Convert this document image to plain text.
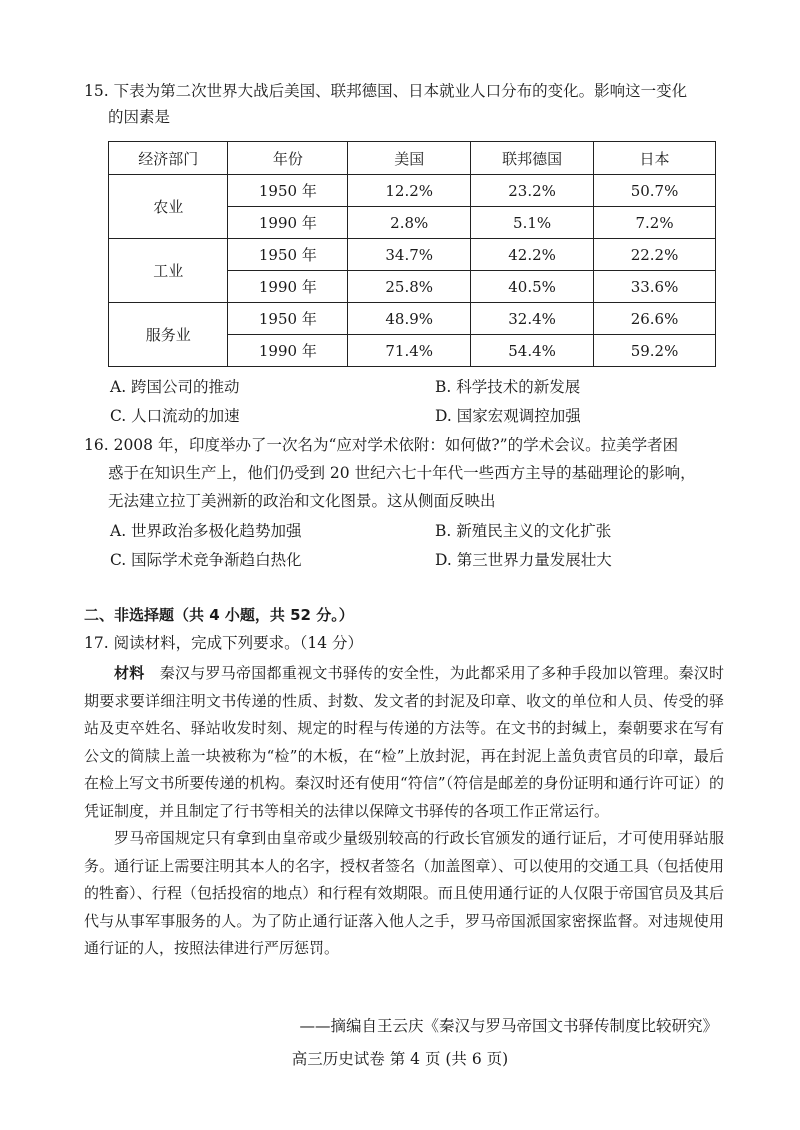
15. 下表为第二次世界大战后美国、联邦德国、日本就业人口分布的变化。影响这一变化
的因素是
经济部门	年份	美国	联邦德国	日本
农业	1950 年	12.2%	23.2%	50.7%
	1990 年	2.8%	5.1%	7.2%
工业	1950 年	34.7%	42.2%	22.2%
	1990 年	25.8%	40.5%	33.6%
服务业	1950 年	48.9%	32.4%	26.6%
	1990 年	71.4%	54.4%	59.2%
A. 跨国公司的推动	B. 科学技术的新发展
C. 人口流动的加速	D. 国家宏观调控加强
16. 2008 年，印度举办了一次名为“应对学术依附：如何做?”的学术会议。拉美学者困
惑于在知识生产上，他们仍受到 20 世纪六七十年代一些西方主导的基础理论的影响，
无法建立拉丁美洲新的政治和文化图景。这从侧面反映出
A. 世界政治多极化趋势加强	B. 新殖民主义的文化扩张
C. 国际学术竞争渐趋白热化	D. 第三世界力量发展壮大
二、非选择题（共 4 小题，共 52 分。）
17. 阅读材料，完成下列要求。（14 分）

材料  秦汉与罗马帝国都重视文书驿传的安全性，为此都采用了多种手段加以管理。秦汉时期要求要详细注明文书传递的性质、封数、发文者的封泥及印章、收文的单位和人员、传受的驿站及吏卒姓名、驿站收发时刻、规定的时程与传递的方法等。在文书的封缄上，秦朝要求在写有公文的简牍上盖一块被称为“检”的木板，在“检”上放封泥，再在封泥上盖负责官员的印章，最后在检上写文书所要传递的机构。秦汉时还有使用“符信”（符信是邮差的身份证明和通行许可证）的凭证制度，并且制定了行书等相关的法律以保障文书驿传的各项工作正常运行。

罗马帝国规定只有拿到由皇帝或少量级别较高的行政长官颁发的通行证后，才可使用驿站服务。通行证上需要注明其本人的名字，授权者签名（加盖图章）、可以使用的交通工具（包括使用的牲畜）、行程（包括投宿的地点）和行程有效期限。而且使用通行证的人仅限于帝国官员及其后代与从事军事服务的人。为了防止通行证落入他人之手，罗马帝国派国家密探监督。对违规使用通行证的人，按照法律进行严厉惩罚。

——摘编自王云庆《秦汉与罗马帝国文书驿传制度比较研究》
高三历史试卷 第 4 页 (共 6 页)
